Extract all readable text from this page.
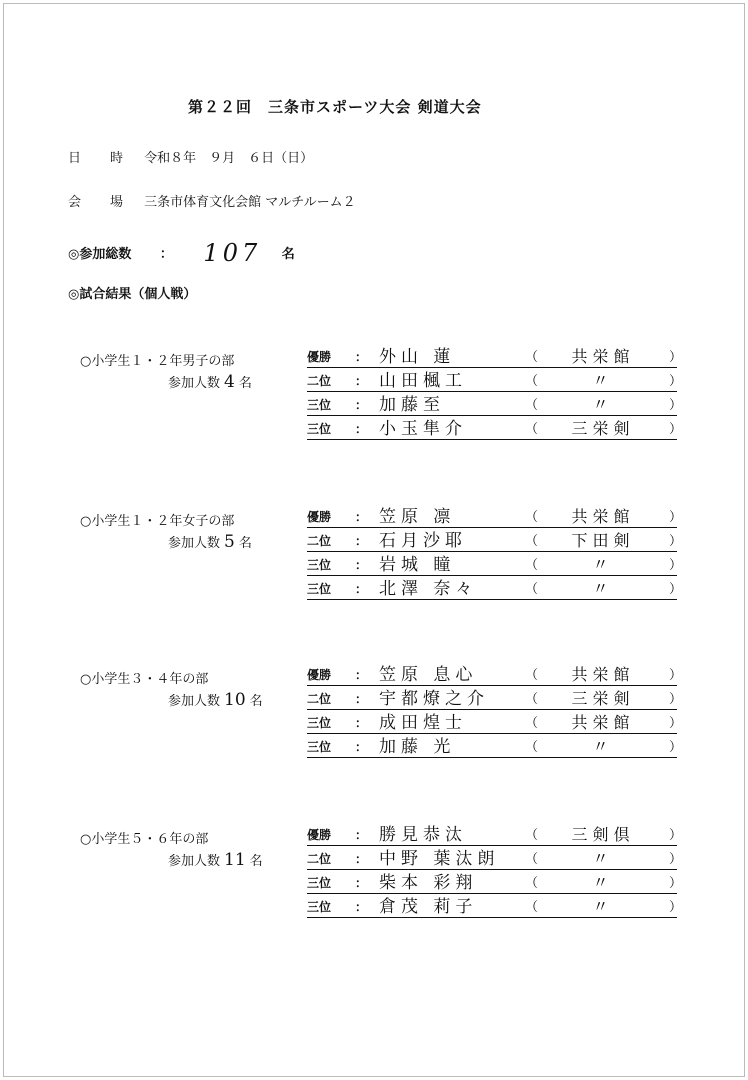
第２２回　三条市スポーツ大会 剣道大会
日　時 令和８年　９月　６日（日）
会　場 三条市体育文化会館 マルチルーム２
◎参加総数 ： 107 名
◎試合結果（個人戦）
○小学生１・２年男子の部
参加人数 4 名
優勝 ： 外山 蓮	（	共栄館	）
二位 ： 山田楓工	（	〃	）
三位 ： 加藤至	（	〃	）
三位 ： 小玉隼介	（	三栄剣	）
○小学生１・２年女子の部
参加人数 5 名
優勝 ： 笠原 凛	（	共栄館	）
二位 ： 石月沙耶	（	下田剣	）
三位 ： 岩城 瞳	（	〃	）
三位 ： 北澤 奈々	（	〃	）
○小学生３・４年の部
参加人数 10 名
優勝 ： 笠原 息心	（	共栄館	）
二位 ： 宇都燎之介	（	三栄剣	）
三位 ： 成田煌士	（	共栄館	）
三位 ： 加藤 光	（	〃	）
○小学生５・６年の部
参加人数 11 名
優勝 ： 勝見恭汰	（	三剣倶	）
二位 ： 中野 葉汰朗 （	〃	）
三位 ： 柴本 彩翔	（	〃	）
三位 ： 倉茂 莉子	（	〃	）
